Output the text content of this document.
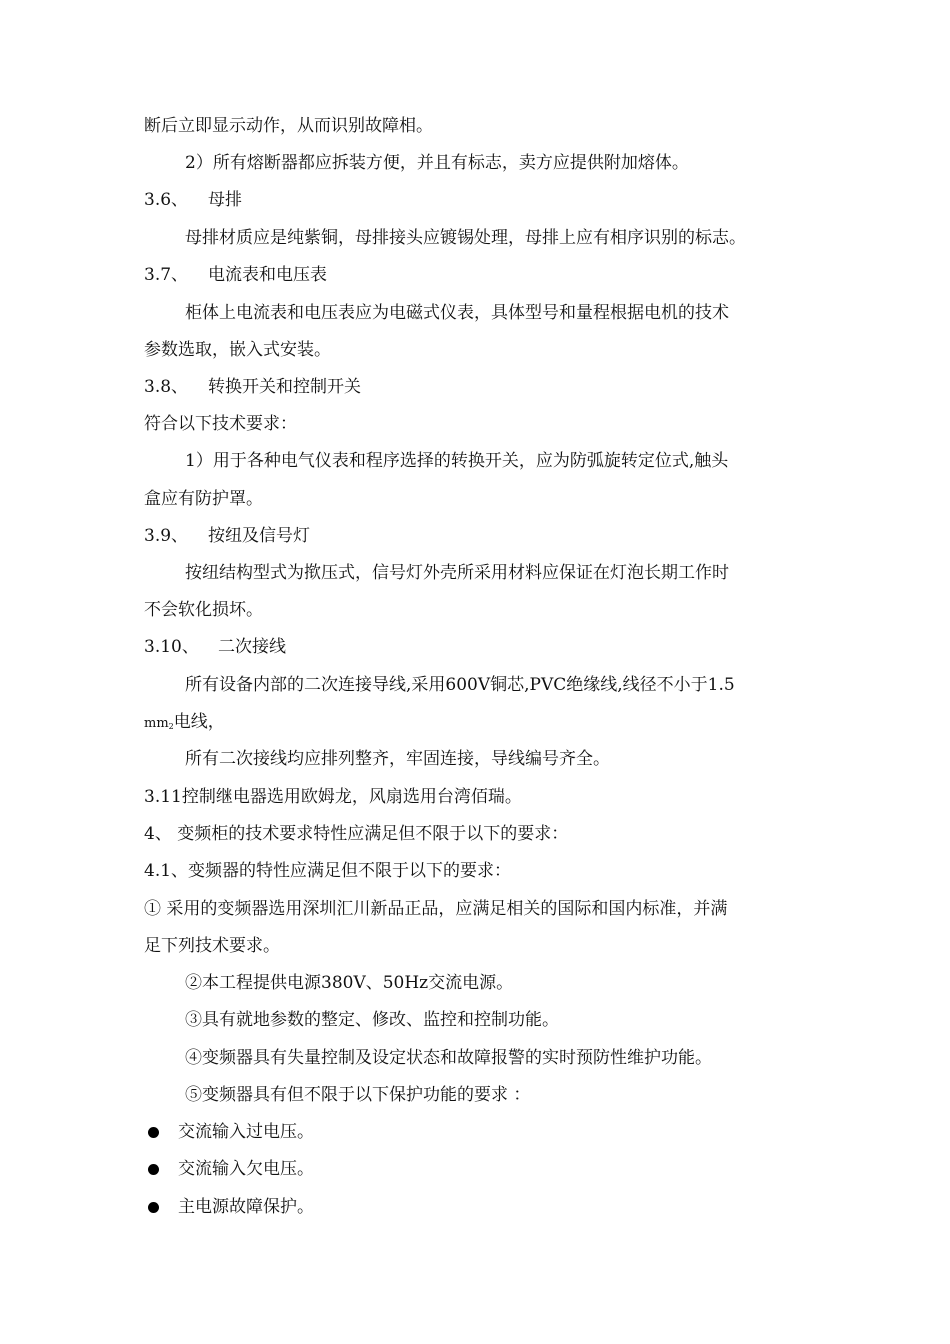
断后立即显示动作，从而识别故障相。
2）所有熔断器都应拆装方便，并且有标志，卖方应提供附加熔体。
3.6、 母排
母排材质应是纯紫铜，母排接头应镀锡处理，母排上应有相序识别的标志。
3.7、 电流表和电压表
柜体上电流表和电压表应为电磁式仪表，具体型号和量程根据电机的技术
参数选取，嵌入式安装。
3.8、 转换开关和控制开关
符合以下技术要求：
1）用于各种电气仪表和程序选择的转换开关，应为防弧旋转定位式,触头
盒应有防护罩。
3.9、 按纽及信号灯
按纽结构型式为揿压式，信号灯外壳所采用材料应保证在灯泡长期工作时
不会软化损坏。
3.10、 二次接线
所有设备内部的二次连接导线,采用600V铜芯,PVC绝缘线,线径不小于1.5
mm2电线，
所有二次接线均应排列整齐，牢固连接，导线编号齐全。
3.11控制继电器选用欧姆龙，风扇选用台湾佰瑞。
4、 变频柜的技术要求特性应满足但不限于以下的要求：
4.1、变频器的特性应满足但不限于以下的要求：
① 采用的变频器选用深圳汇川新品正品，应满足相关的国际和国内标准，并满
足下列技术要求。
②本工程提供电源380V、50Hz交流电源。
③具有就地参数的整定、修改、监控和控制功能。
④变频器具有失量控制及设定状态和故障报警的实时预防性维护功能。
⑤变频器具有但不限于以下保护功能的要求 ：
交流输入过电压。
交流输入欠电压。
主电源故障保护。
